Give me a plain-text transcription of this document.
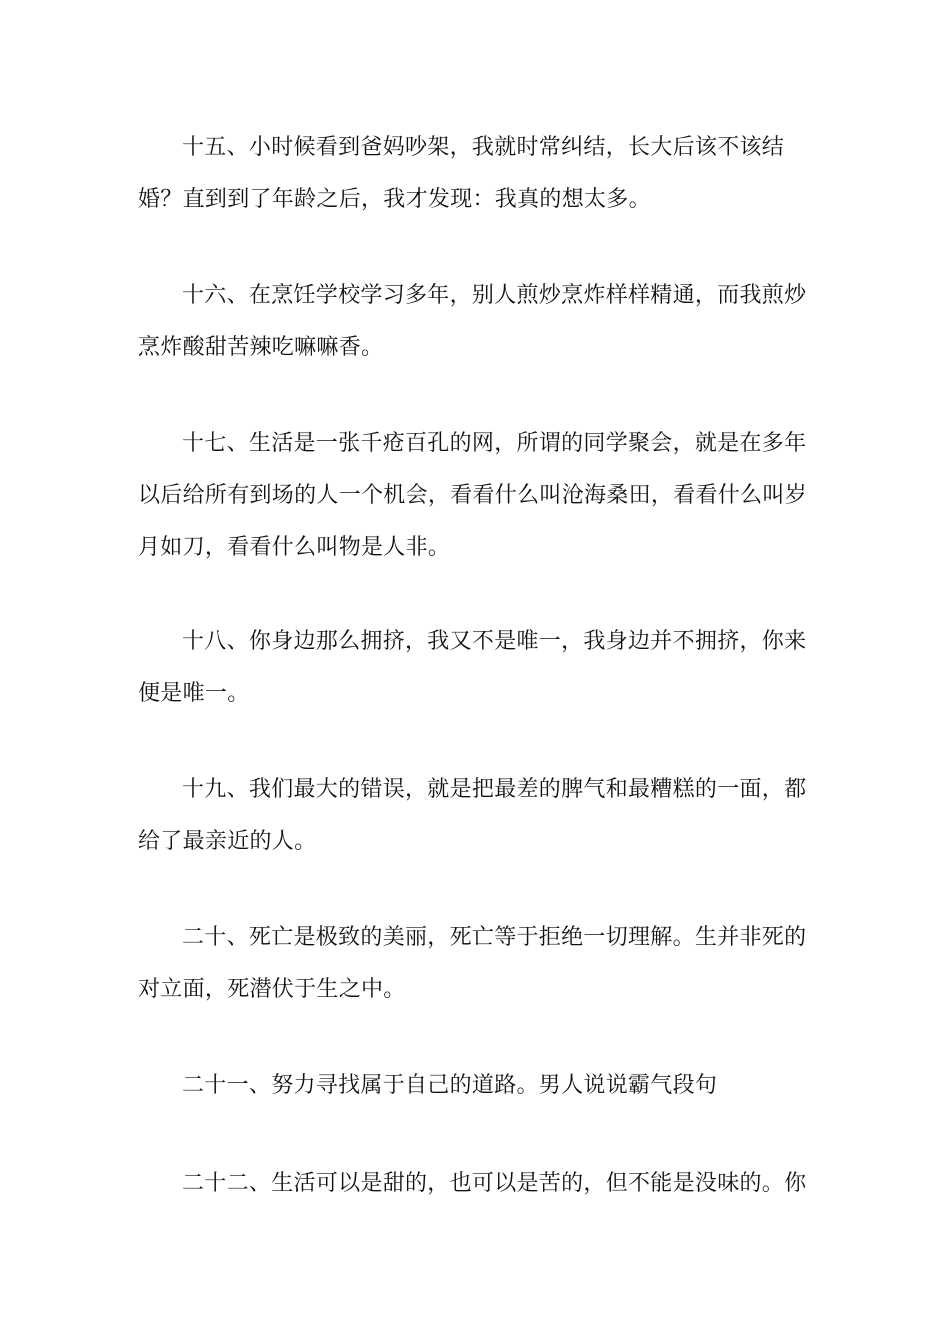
十五、小时候看到爸妈吵架，我就时常纠结，长大后该不该结婚？直到到了年龄之后，我才发现：我真的想太多。

十六、在烹饪学校学习多年，别人煎炒烹炸样样精通，而我煎炒烹炸酸甜苦辣吃嘛嘛香。

十七、生活是一张千疮百孔的网，所谓的同学聚会，就是在多年以后给所有到场的人一个机会，看看什么叫沧海桑田，看看什么叫岁月如刀，看看什么叫物是人非。

十八、你身边那么拥挤，我又不是唯一，我身边并不拥挤，你来便是唯一。

十九、我们最大的错误，就是把最差的脾气和最糟糕的一面，都给了最亲近的人。

二十、死亡是极致的美丽，死亡等于拒绝一切理解。生并非死的对立面，死潜伏于生之中。

二十一、努力寻找属于自己的道路。男人说说霸气段句

二十二、生活可以是甜的，也可以是苦的，但不能是没味的。你
